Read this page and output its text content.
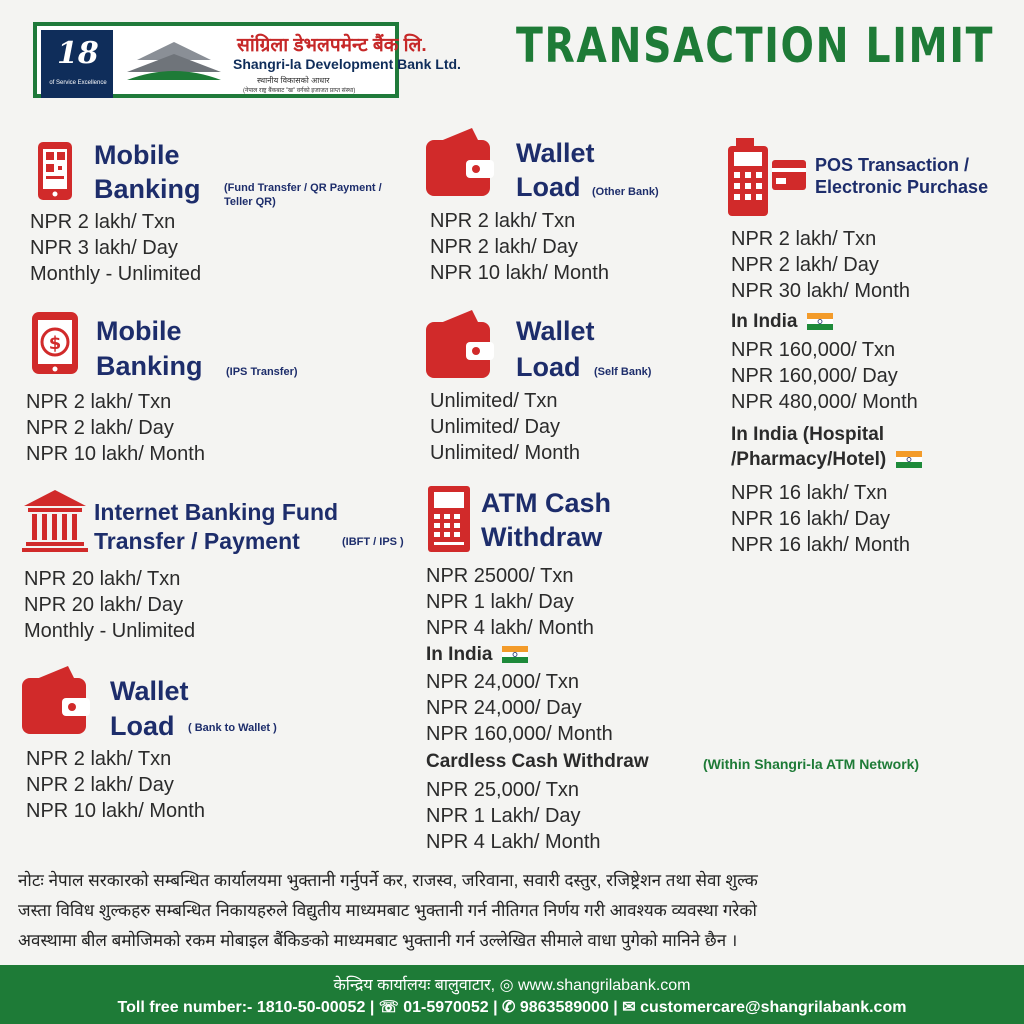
18
of Service Excellence
सांग्रिला डेभलपमेन्ट बैंक लि.
Shangri-la Development Bank Ltd.
स्थानीय विकासको आधार
(नेपाल राष्ट्र बैंकबाट "ख" वर्गको इजाजत प्राप्त संस्था)
TRANSACTION LIMIT
Mobile
Banking (Fund Transfer / QR Payment /
Teller QR)
NPR 2 lakh/ Txn
NPR 3 lakh/ Day
Monthly - Unlimited
$ Mobile
Banking (IPS Transfer)
NPR 2 lakh/ Txn
NPR 2 lakh/ Day
NPR 10 lakh/ Month
Internet Banking Fund
Transfer / Payment	(IBFT / IPS )
NPR 20 lakh/ Txn
NPR 20 lakh/ Day
Monthly - Unlimited
Wallet
Load ( Bank to Wallet )
NPR 2 lakh/ Txn
NPR 2 lakh/ Day
NPR 10 lakh/ Month
Wallet
Load (Other Bank)
NPR 2 lakh/ Txn
NPR 2 lakh/ Day
NPR 10 lakh/ Month
Wallet
Load (Self Bank)
Unlimited/ Txn
Unlimited/ Day
Unlimited/ Month
ATM Cash
Withdraw
NPR 25000/ Txn
NPR 1 lakh/ Day
NPR 4 lakh/ Month
In India
NPR 24,000/ Txn
NPR 24,000/ Day
NPR 160,000/ Month
Cardless Cash Withdraw	(Within Shangri-la ATM Network)
NPR 25,000/ Txn
NPR 1 Lakh/ Day
NPR 4 Lakh/ Month
POS Transaction /
Electronic Purchase
NPR 2 lakh/ Txn
NPR 2 lakh/ Day
NPR 30 lakh/ Month
In India
NPR 160,000/ Txn
NPR 160,000/ Day
NPR 480,000/ Month
In India (Hospital
/Pharmacy/Hotel)
NPR 16 lakh/ Txn
NPR 16 lakh/ Day
NPR 16 lakh/ Month
नोटः नेपाल सरकारको सम्बन्धित कार्यालयमा भुक्तानी गर्नुपर्ने कर, राजस्व, जरिवाना, सवारी दस्तुर, रजिष्ट्रेशन तथा सेवा शुल्क
जस्ता विविध शुल्कहरु सम्बन्धित निकायहरुले विद्युतीय माध्यमबाट भुक्तानी गर्न नीतिगत निर्णय गरी आवश्यक व्यवस्था गरेको
अवस्थामा बील बमोजिमको रकम मोबाइल बैंकिङको माध्यमबाट भुक्तानी गर्न उल्लेखित सीमाले वाधा पुगेको मानिने छैन ।
केन्द्रिय कार्यालयः बालुवाटार, ◎ www.shangrilabank.com
Toll free number:- 1810-50-00052 | ☏ 01-5970052 | ✆ 9863589000 | ✉ customercare@shangrilabank.com
